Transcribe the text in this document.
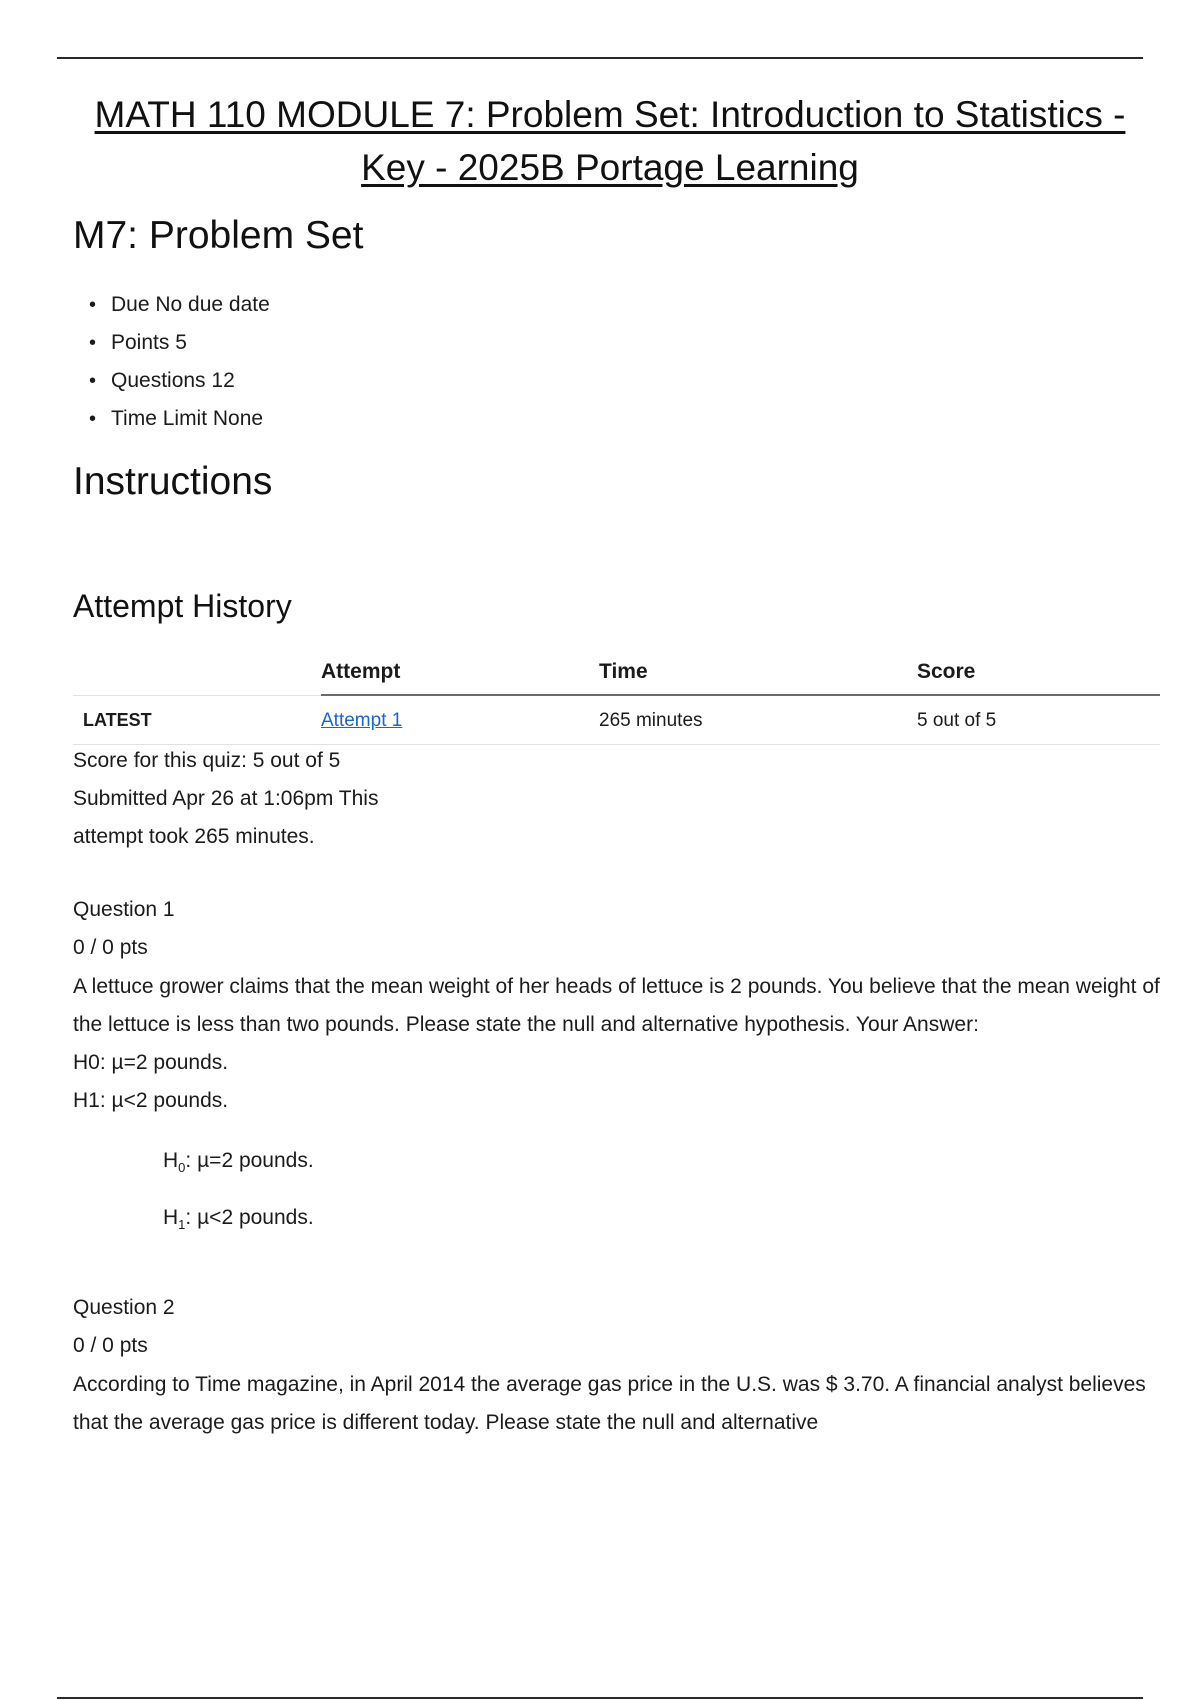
MATH 110 MODULE 7: Problem Set: Introduction to Statistics - Key - 2025B Portage Learning
M7: Problem Set
• Due No due date
• Points 5
• Questions 12
• Time Limit None
Instructions
Attempt History
	Attempt	Time	Score
LATEST	Attempt 1	265 minutes	5 out of 5
Score for this quiz: 5 out of 5
Submitted Apr 26 at 1:06pm This
attempt took 265 minutes.
Question 1
0 / 0 pts
A lettuce grower claims that the mean weight of her heads of lettuce is 2 pounds. You believe that the mean weight of the lettuce is less than two pounds. Please state the null and alternative hypothesis. Your Answer:
H0: µ=2 pounds.
H1: µ<2 pounds.
$H_0$: µ=2 pounds.
$H_1$: µ<2 pounds.
Question 2
0 / 0 pts
According to Time magazine, in April 2014 the average gas price in the U.S. was $ 3.70. A financial analyst believes that the average gas price is different today. Please state the null and alternative
